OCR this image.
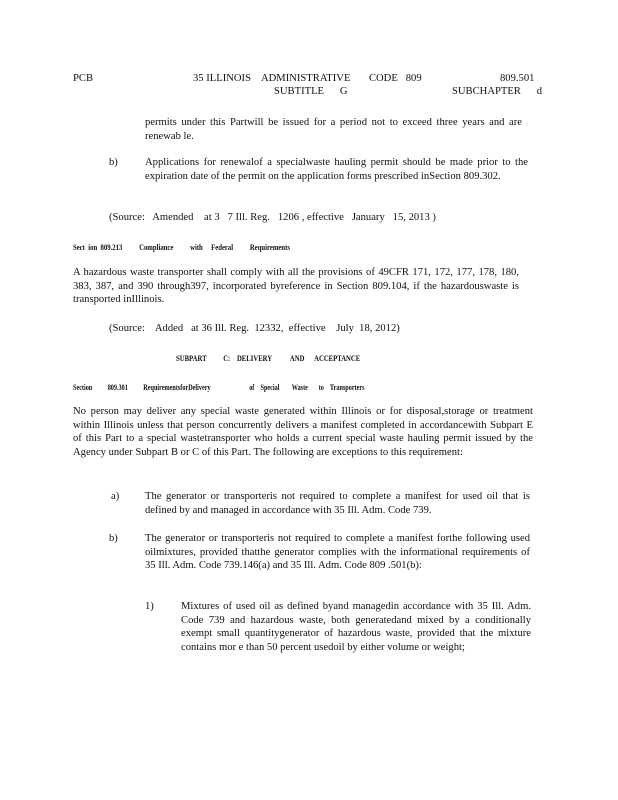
PCB	35 ILLINOIS    ADMINISTRATIVE       CODE   809
SUBTITLE      G
809.501
SUBCHAPTER      d
permits under this Partwill be issued for a period not to exceed three years and are renewab le.
b)	Applications for renewalof a specialwaste hauling permit should be made prior to the expiration date of the permit on the application forms prescribed inSection 809.302.
(Source:   Amended    at 3   7 Ill. Reg.   1206 , effective   January   15, 2013 )
Sect  ion  809.213          Compliance          with     Federal          Requirements
A hazardous waste transporter shall comply with all the provisions of 49CFR 171, 172, 177, 178, 180, 383, 387, and 390 through397, incorporated byreference in Section 809.104, if the hazardouswaste is transported inIllinois.
(Source:    Added   at 36 Ill. Reg.  12332,  effective    July  18, 2012)
SUBPART          C:    DELIVERY           AND      ACCEPTANCE
Section          809.301          RequirementsforDelivery                         of    Special        Waste       to    Transporters
No person may deliver any special waste generated within Illinois or for disposal,storage or treatment within Illinois unless that person concurrently delivers a manifest completed in accordancewith Subpart E of this Part to a special wastetransporter who holds a current special waste hauling permit issued by the Agency under Subpart B or C of this Part. The following are exceptions to this requirement:
a) The generator or transporteris not required to complete a manifest for used oil that is defined by and managed in accordance with 35 Ill. Adm. Code 739.
b)	The generator or transporteris not required to complete a manifest forthe following used oilmixtures, provided thatthe generator complies with the informational requirements of 35 Ill. Adm. Code 739.146(a) and 35 Ill. Adm. Code 809 .501(b):
1)	Mixtures of used oil as defined byand managedin accordance with 35 Ill. Adm. Code 739 and hazardous waste, both generatedand mixed by a conditionally exempt small quantitygenerator of hazardous waste, provided that the mixture contains mor e than 50 percent usedoil by either volume or weight;
